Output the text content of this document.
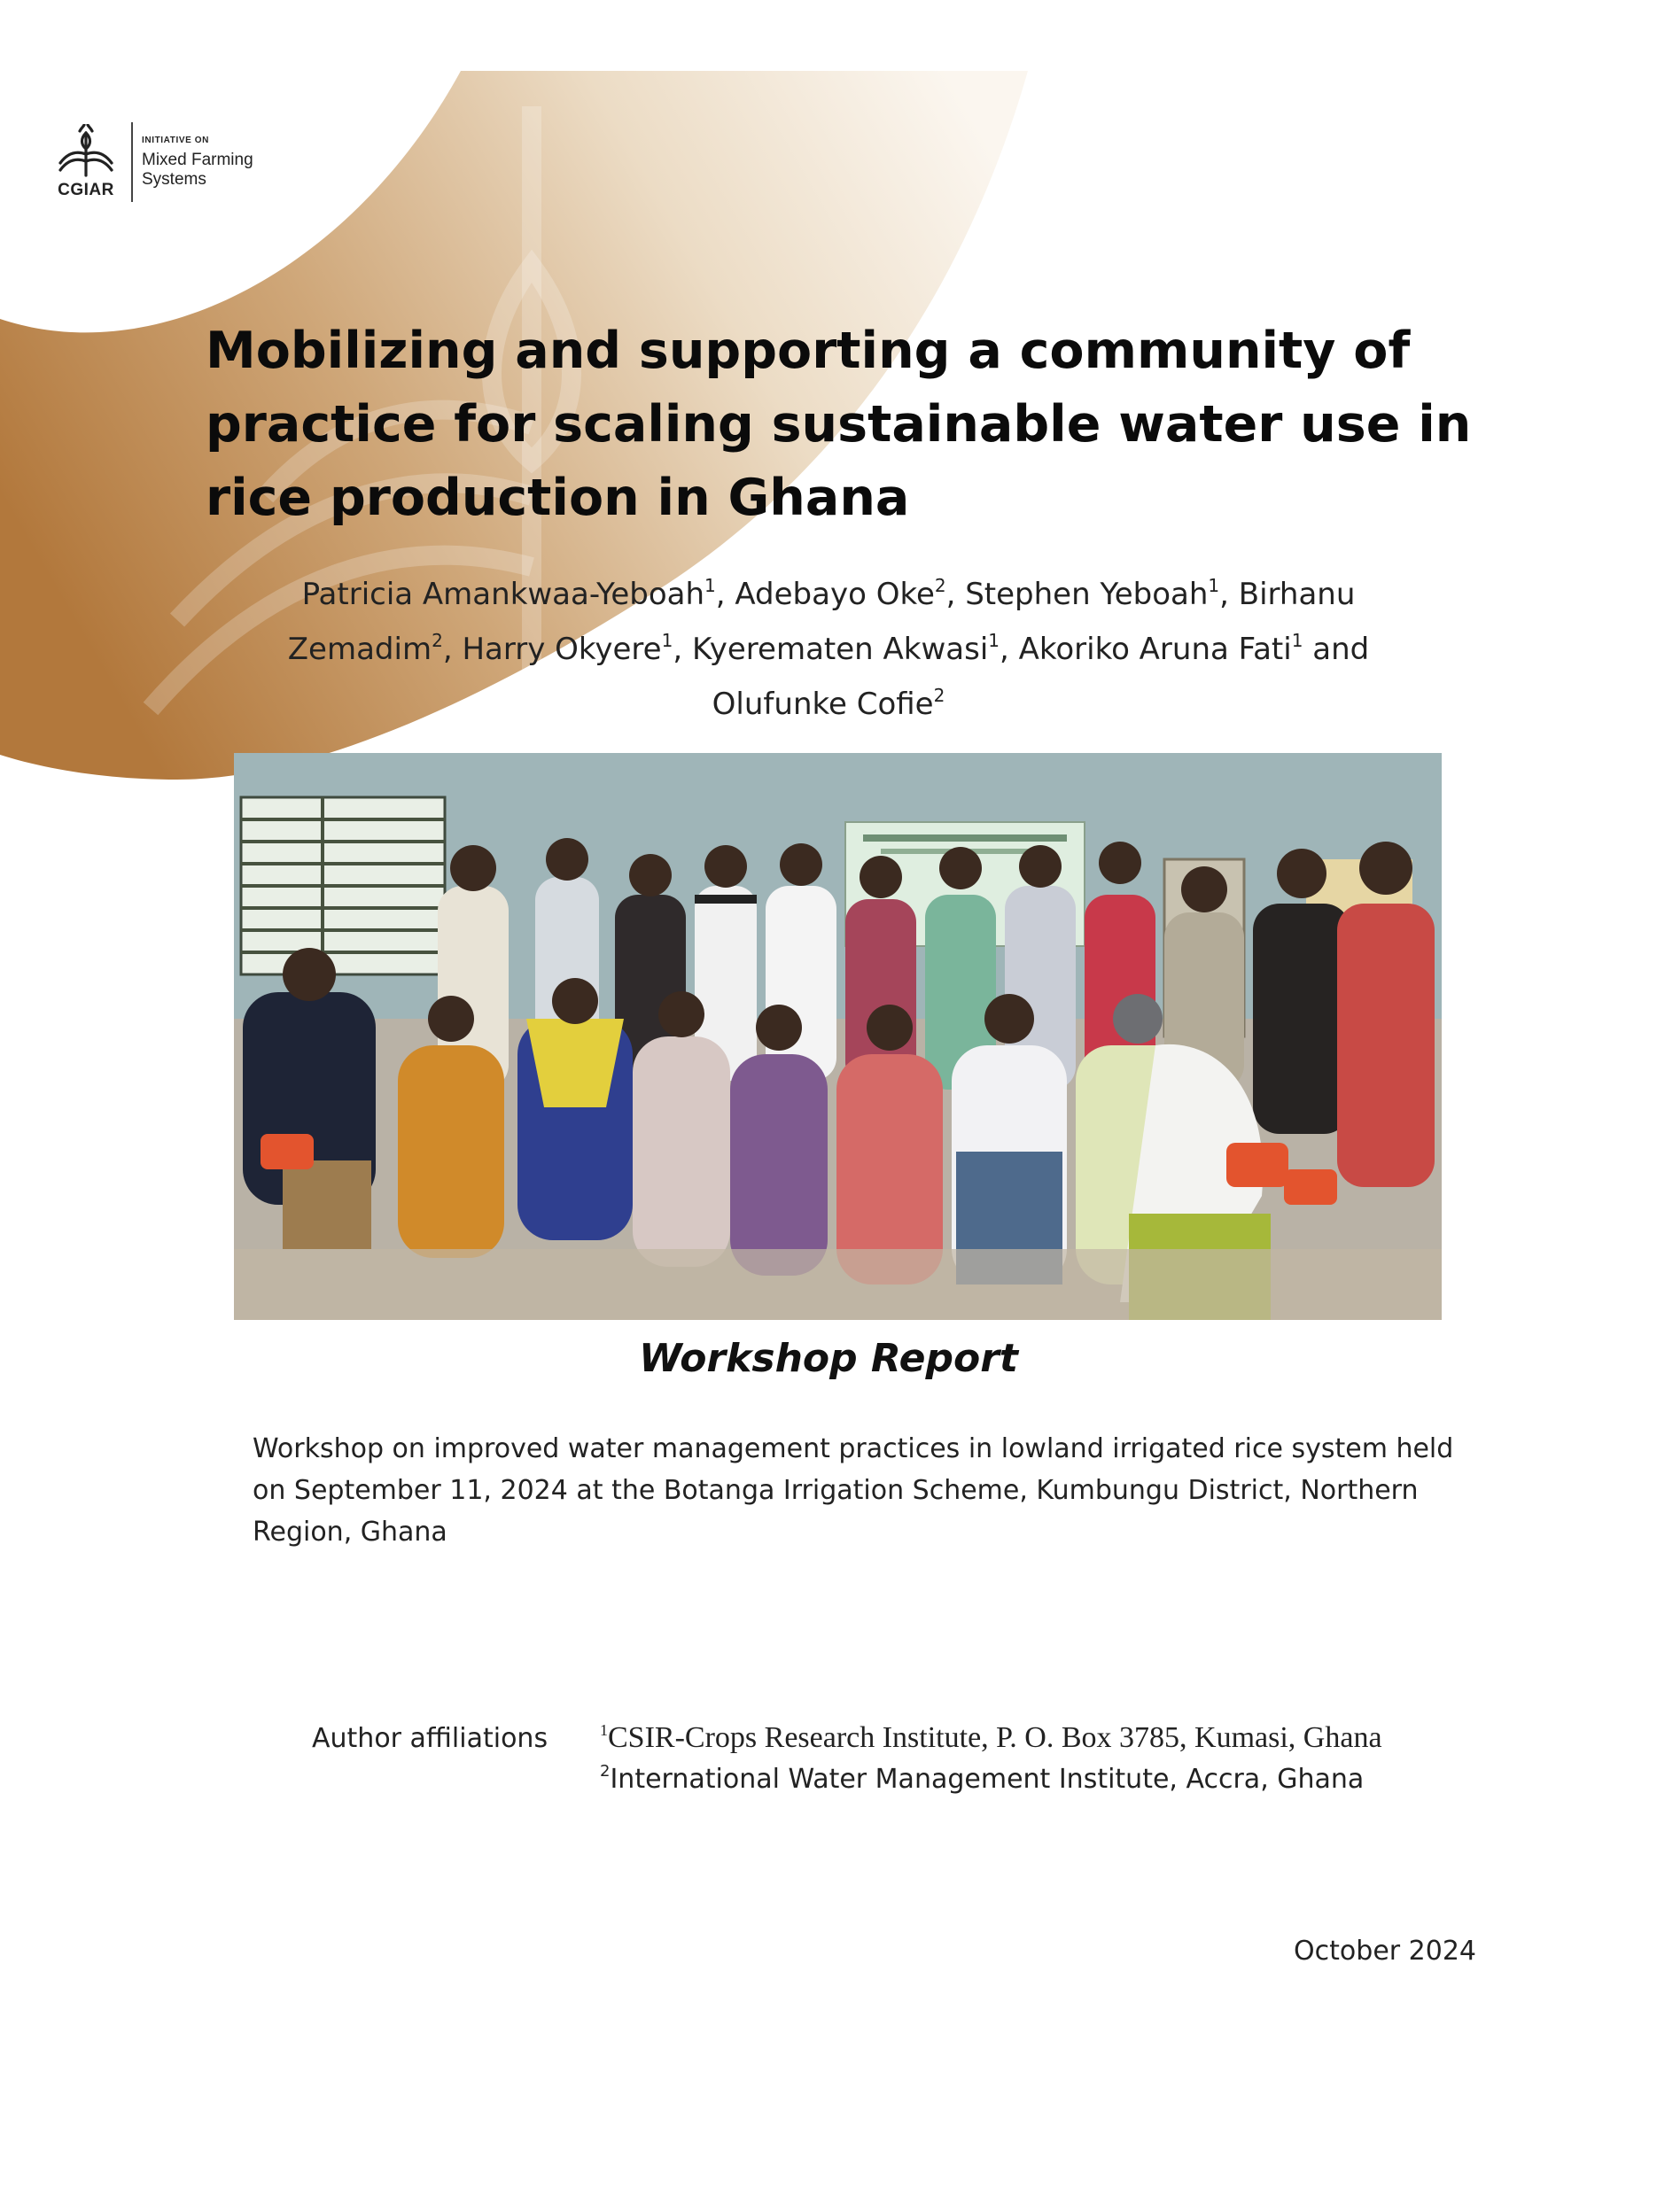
CGIAR
INITIATIVE ON
Mixed Farming Systems
Mobilizing and supporting a community of practice for scaling sustainable water use in rice production in Ghana
Patricia Amankwaa-Yeboah$^1$, Adebayo Oke$^2$, Stephen Yeboah$^1$, Birhanu Zemadim$^2$, Harry Okyere$^1$, Kyerematen Akwasi$^1$, Akoriko Aruna Fati$^1$ and Olufunke Cofie$^2$
Workshop Report

Workshop on improved water management practices in lowland irrigated rice system held on September 11, 2024 at the Botanga Irrigation Scheme, Kumbungu District, Northern Region, Ghana

Author affiliations	$^1$CSIR-Crops Research Institute, P. O. Box 3785, Kumasi, Ghana
$^2$International Water Management Institute, Accra, Ghana
October 2024
